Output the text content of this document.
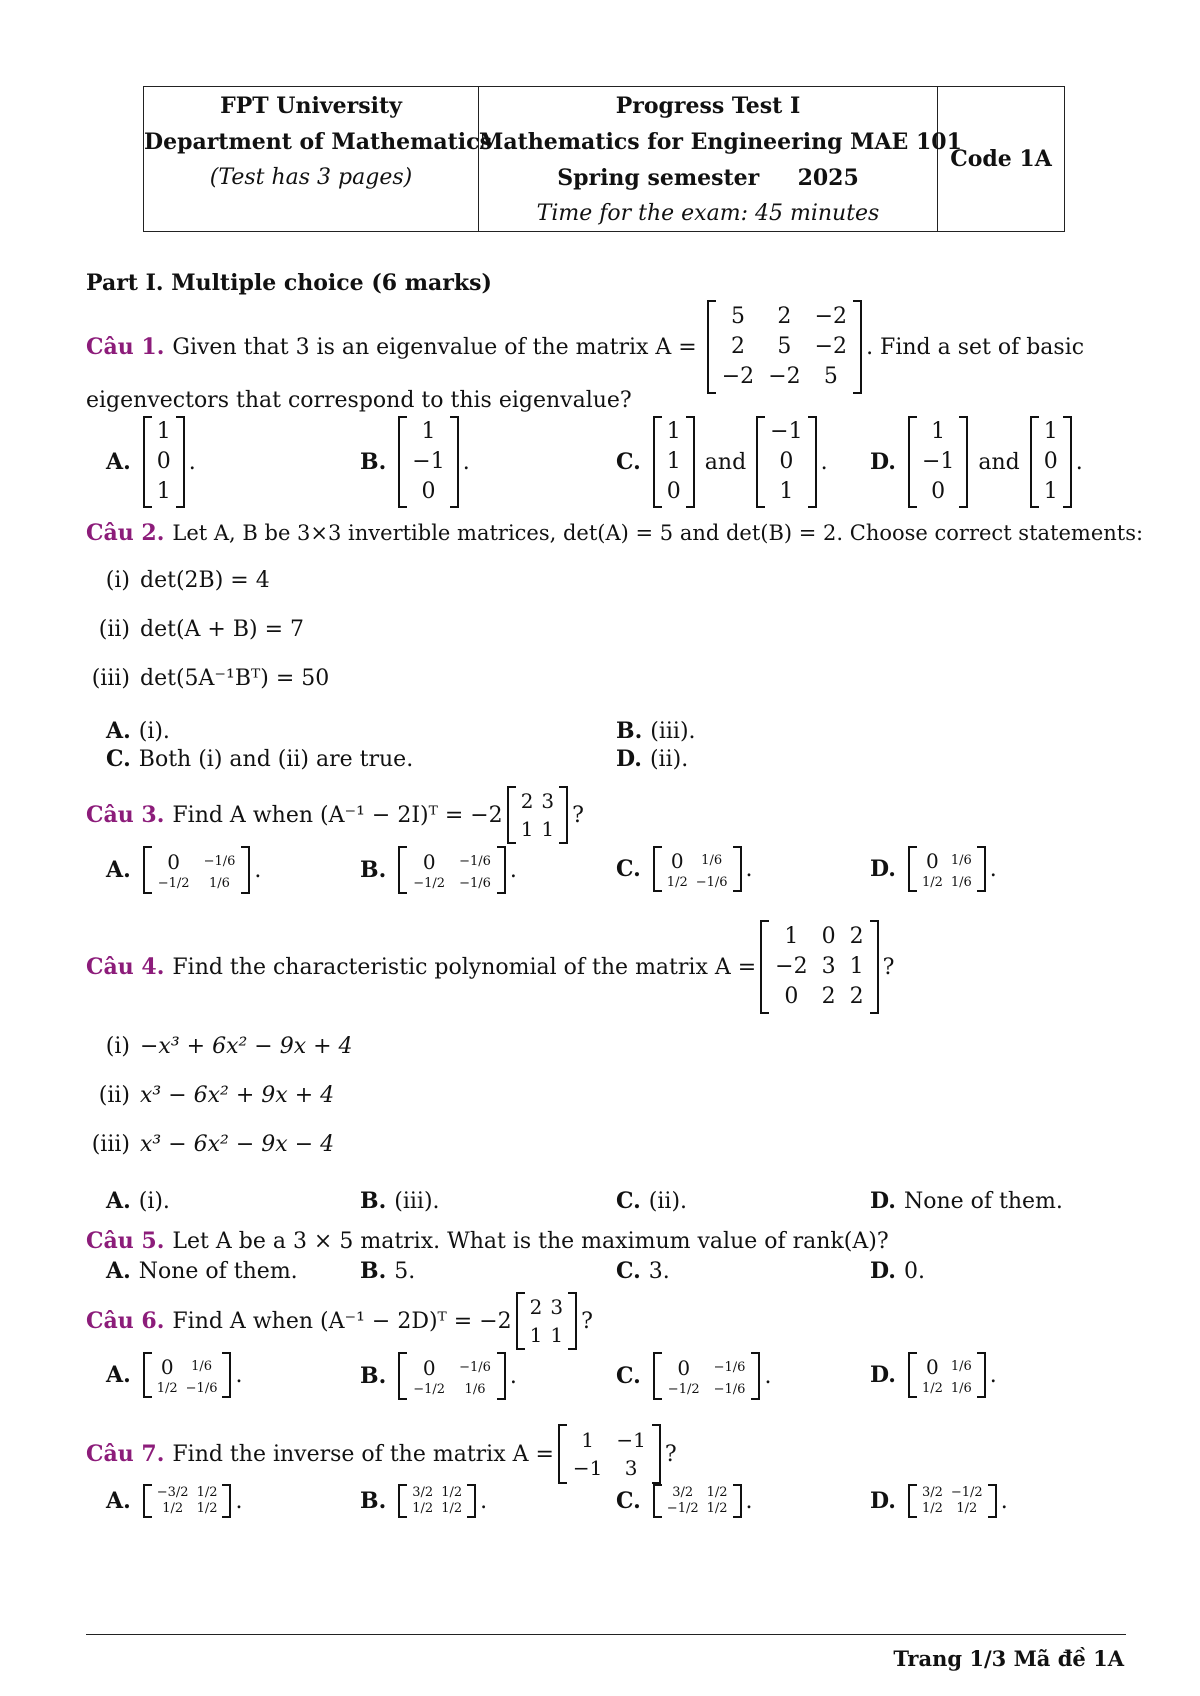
FPT University
Department of Mathematics
(Test has 3 pages)
Progress Test I
Mathematics for Engineering MAE 101
Spring semester 2025
Time for the exam: 45 minutes
Code 1A
Part I. Multiple choice (6 marks)
Câu 1. Given that 3 is an eigenvalue of the matrix A =
5 2 −2
2 5 −2
−2 −2 5
. Find a set of basic
eigenvectors that correspond to this eigenvalue?
A.
1
0
1
.	B.
1
−1
0
.	C.
1
1
0
and
−1
0
1
. D.
1
−1
0
and
1
0
1
.
Câu 2. Let A, B be 3×3 invertible matrices, det(A) = 5 and det(B) = 2. Choose correct statements:
(i) det(2B) = 4
(ii) det(A + B) = 7
(iii) det(5A⁻¹Bᵀ) = 50
A. (i).	B. (iii).
C. Both (i) and (ii) are true.	D. (ii).
Câu 3. Find A when (A⁻¹ − 2I)ᵀ = −2
2 3
1 1
?
A. 0 −1/6
−1/2 1/6
.	B. 0 −1/6
−1/2 −1/6
.	C. 0 1/6
1/2 −1/6
.	D. 0 1/6
1/2 1/6
.
Câu 4. Find the characteristic polynomial of the matrix A =
1 0 2
−2 3 1
0 2 2
?
(i) −x³ + 6x² − 9x + 4
(ii) x³ − 6x² + 9x + 4
(iii) x³ − 6x² − 9x − 4
A. (i).	B. (iii).	C. (ii).	D. None of them.
Câu 5. Let A be a 3 × 5 matrix. What is the maximum value of rank(A)?
A. None of them.	B. 5.	C. 3.	D. 0.
Câu 6. Find A when (A⁻¹ − 2D)ᵀ = −2
2 3
1 1
?
A. 0 1/6
1/2 −1/6
.	B. 0 −1/6
−1/2 1/6
.	C. 0 −1/6
−1/2 −1/6
.	D. 0 1/6
1/2 1/6
.
Câu 7. Find the inverse of the matrix A =
1 −1
−1 3
?
A. −3/2 1/2
1/2 1/2 .	B. 3/2 1/2
1/2 1/2 .	C. 3/2 1/2
−1/2 1/2 .	D. 3/2 −1/2
1/2 1/2 .
Trang 1/3 Mã đề 1A
